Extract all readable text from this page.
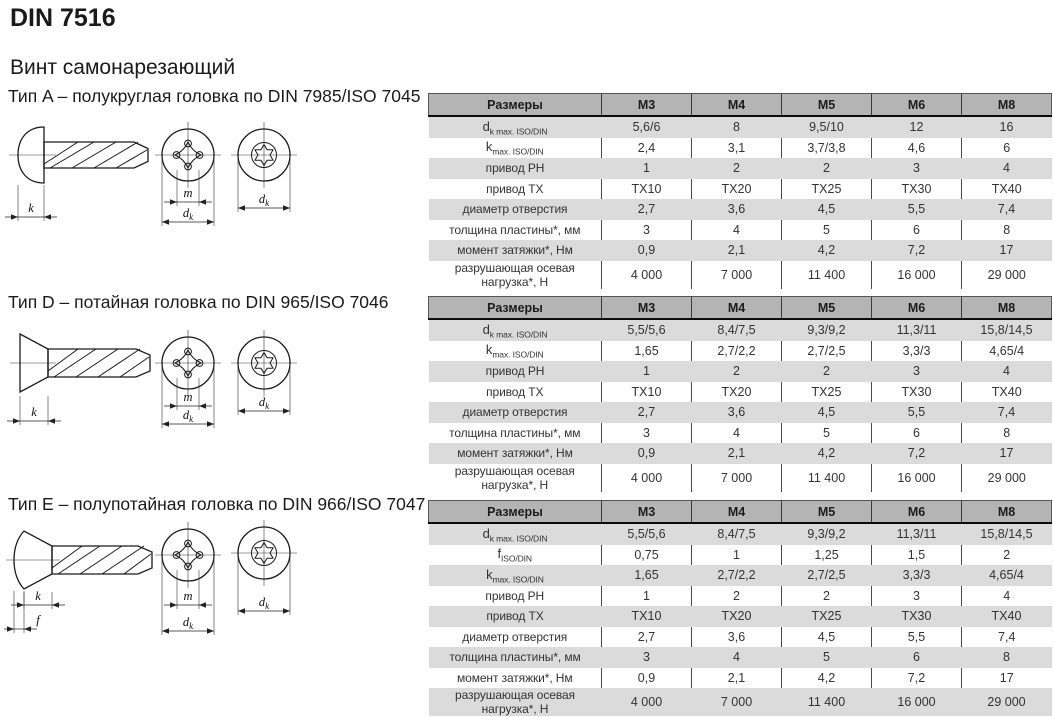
DIN 7516
Винт самонарезающий
Тип A – полукруглая головка по DIN 7985/ISO 7045
Тип D – потайная головка по DIN 965/ISO 7046
Тип E – полупотайная головка по DIN 966/ISO 7047
k
m
$d_k$
$d_k$
k
m
$d_k$
$d_k$
k
f
m
$d_k$
$d_k$
Размеры	M3	M4	M5	M6	M8
$d_{k max. ISO/DIN}$	5,6/6	8	9,5/10	12	16
$k_{max. ISO/DIN}$	2,4	3,1	3,7/3,8	4,6	6
привод PH	1	2	2	3	4
привод TX	TX10	TX20	TX25	TX30	TX40
диаметр отверстия	2,7	3,6	4,5	5,5	7,4
толщина пластины*, мм	3	4	5	6	8
момент затяжки*, Нм	0,9	2,1	4,2	7,2	17
разрушающая осевая нагрузка*, Н	4 000	7 000	11 400	16 000	29 000
Размеры	M3	M4	M5	M6	M8
$d_{k max. ISO/DIN}$	5,5/5,6	8,4/7,5	9,3/9,2	11,3/11	15,8/14,5
$k_{max. ISO/DIN}$	1,65	2,7/2,2	2,7/2,5	3,3/3	4,65/4
привод PH	1	2	2	3	4
привод TX	TX10	TX20	TX25	TX30	TX40
диаметр отверстия	2,7	3,6	4,5	5,5	7,4
толщина пластины*, мм	3	4	5	6	8
момент затяжки*, Нм	0,9	2,1	4,2	7,2	17
разрушающая осевая нагрузка*, Н	4 000	7 000	11 400	16 000	29 000
Размеры	M3	M4	M5	M6	M8
$d_{k max. ISO/DIN}$	5,5/5,6	8,4/7,5	9,3/9,2	11,3/11	15,8/14,5
$f_{ISO/DIN}$	0,75	1	1,25	1,5	2
$k_{max. ISO/DIN}$	1,65	2,7/2,2	2,7/2,5	3,3/3	4,65/4
привод PH	1	2	2	3	4
привод TX	TX10	TX20	TX25	TX30	TX40
диаметр отверстия	2,7	3,6	4,5	5,5	7,4
толщина пластины*, мм	3	4	5	6	8
момент затяжки*, Нм	0,9	2,1	4,2	7,2	17
разрушающая осевая нагрузка*, Н	4 000	7 000	11 400	16 000	29 000
